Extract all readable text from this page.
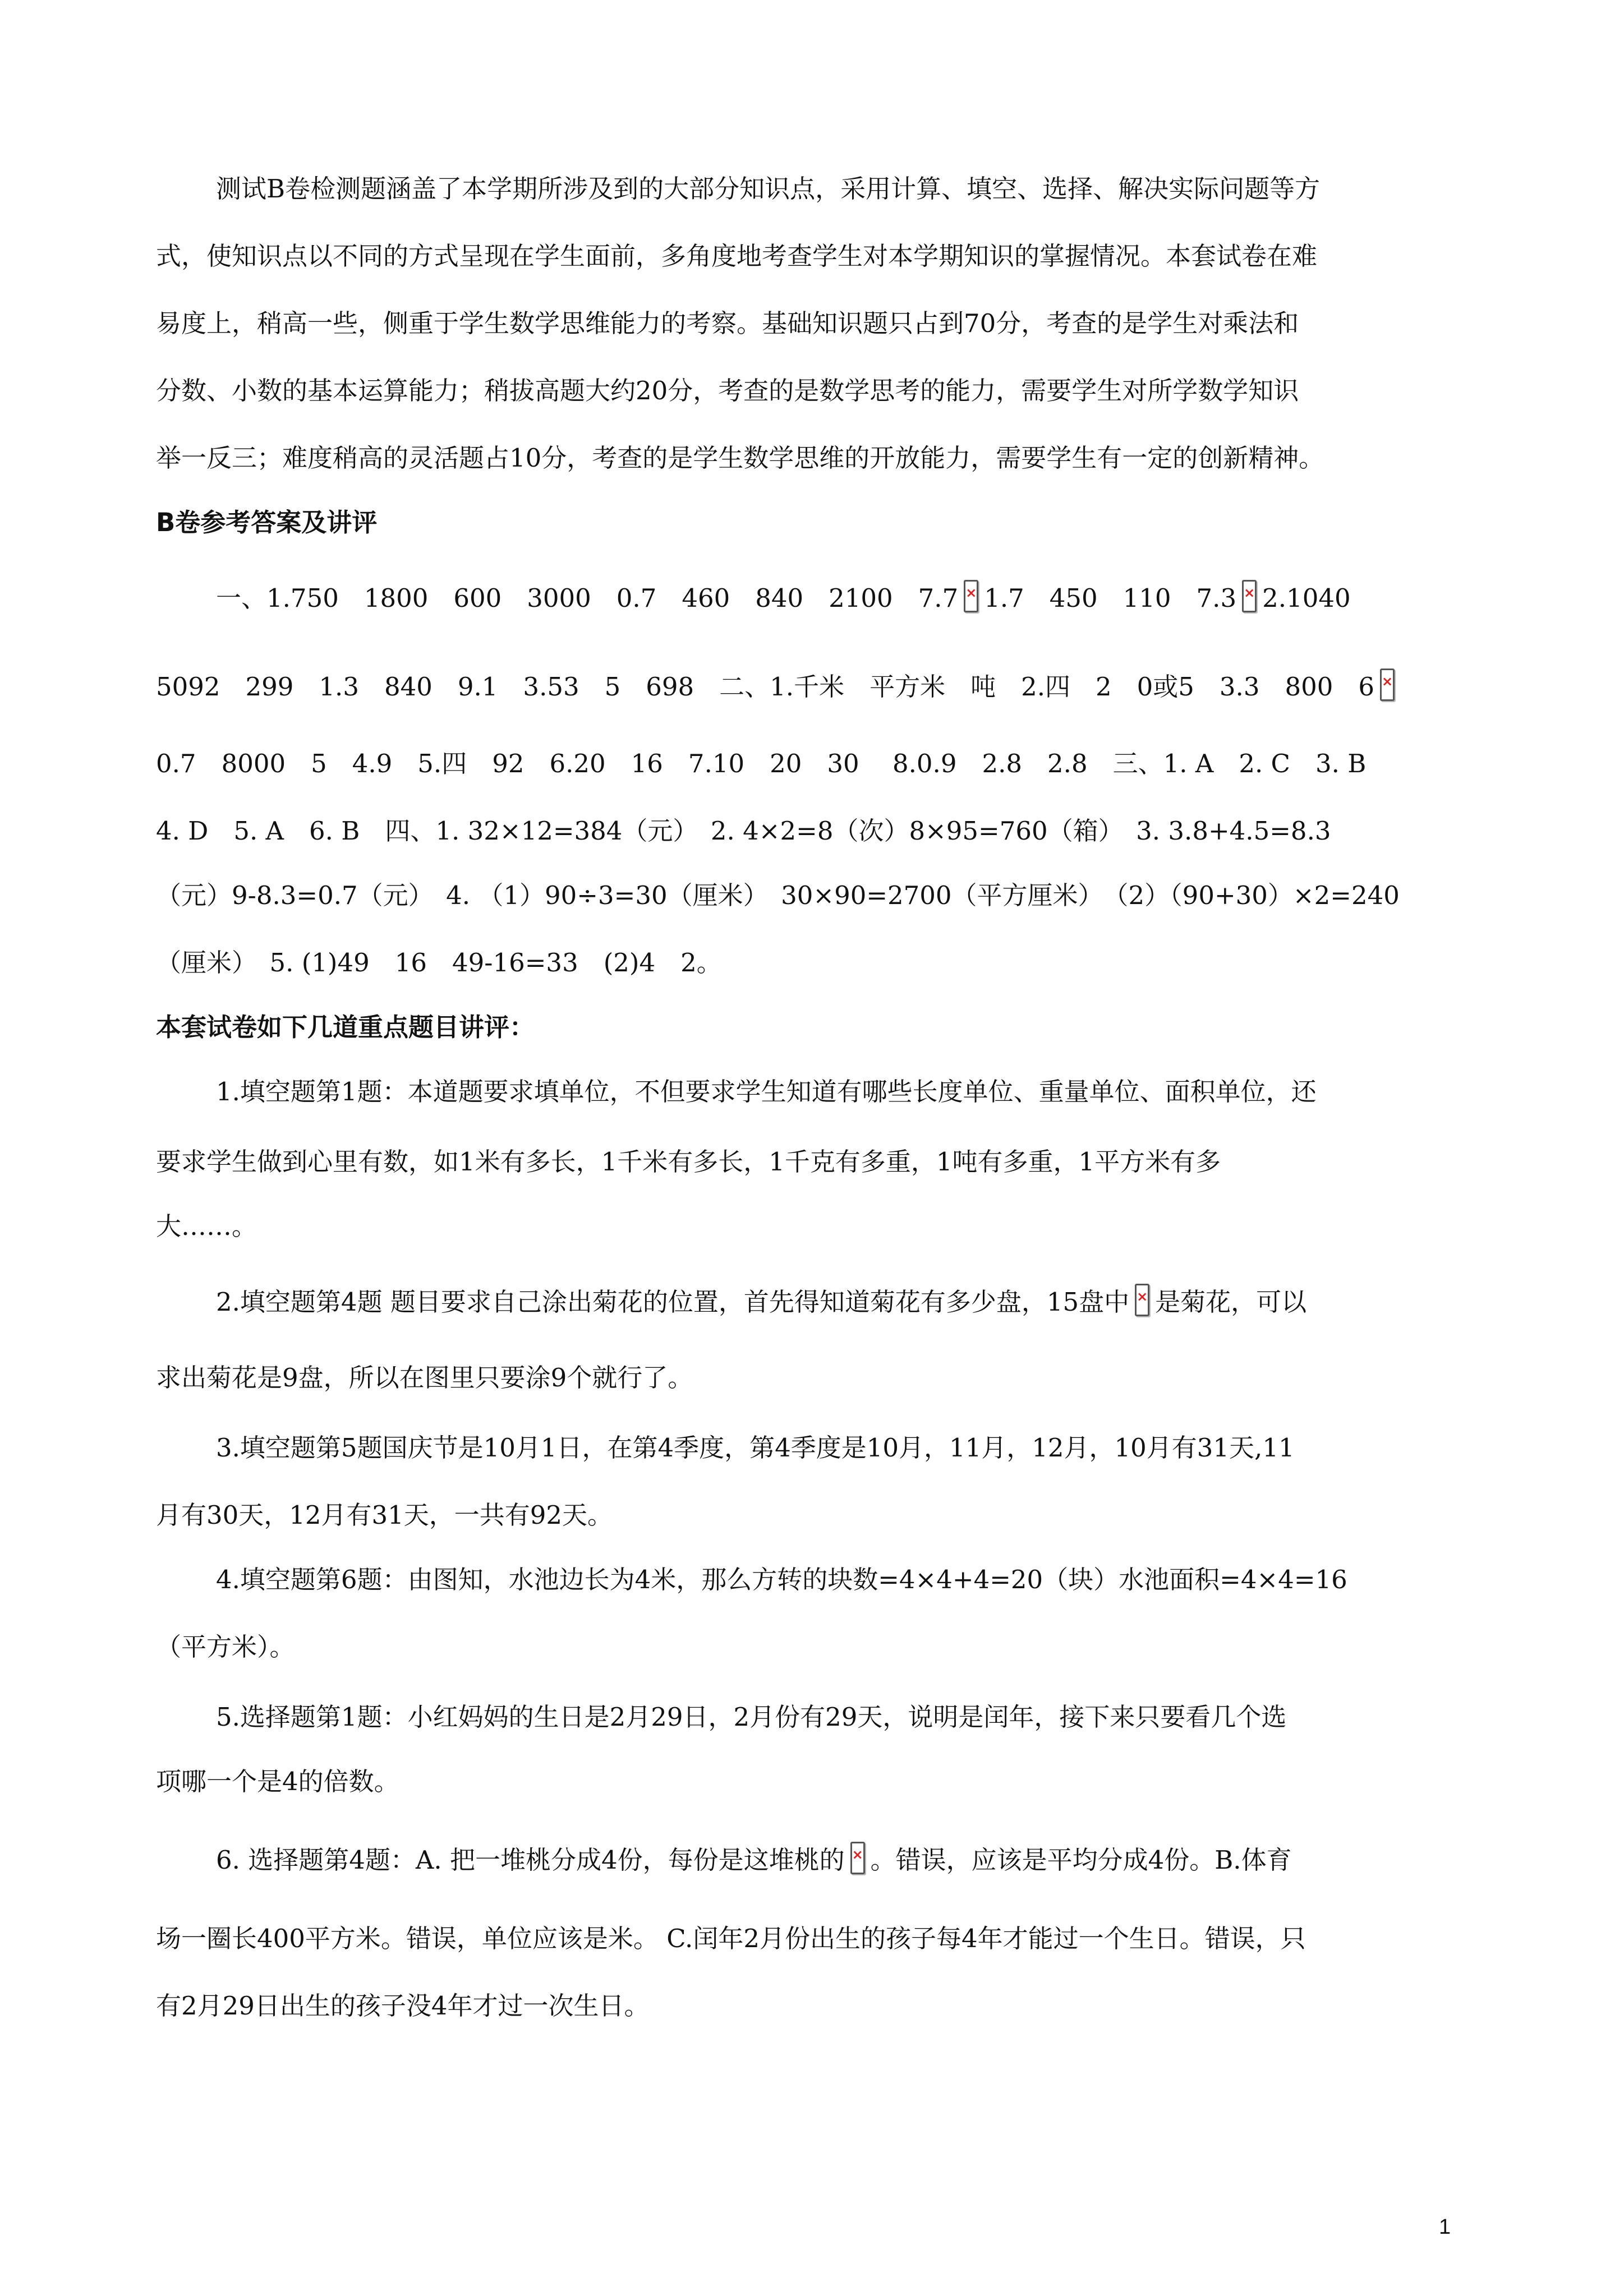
测试B卷检测题涵盖了本学期所涉及到的大部分知识点，采用计算、填空、选择、解决实际问题等方
式，使知识点以不同的方式呈现在学生面前，多角度地考查学生对本学期知识的掌握情况。本套试卷在难
易度上，稍高一些，侧重于学生数学思维能力的考察。基础知识题只占到70分，考查的是学生对乘法和
分数、小数的基本运算能力；稍拔高题大约20分，考查的是数学思考的能力，需要学生对所学数学知识
举一反三；难度稍高的灵活题占10分，考查的是学生数学思维的开放能力，需要学生有一定的创新精神。
B卷参考答案及讲评
一、1.750　1800　600　3000　0.7　460　840　2100　7.7 × 1.7　450　110　7.3 × 2.1040
5092　299　1.3　840　9.1　3.53　5　698　二、1.千米　平方米　吨　2.四　2　0或5　3.3　800　6×
0.7　8000　5　4.9　5.四　92　6.20　16　7.10　20　30　 8.0.9　2.8　2.8　三、1. A　2. C　3. B
4. D　5. A　6. B　四、1. 32×12=384（元）　2. 4×2=8（次）8×95=760（箱）　3. 3.8+4.5=8.3
（元）9-8.3=0.7（元）　4. （1）90÷3=30（厘米）　30×90=2700（平方厘米）　（2）（90+30）×2=240
（厘米）　5. (1)49　16　49-16=33　(2)4　2。
本套试卷如下几道重点题目讲评：
1.填空题第1题：本道题要求填单位，不但要求学生知道有哪些长度单位、重量单位、面积单位，还
要求学生做到心里有数，如1米有多长，1千米有多长，1千克有多重，1吨有多重，1平方米有多
大……。
2.填空题第4题 题目要求自己涂出菊花的位置，首先得知道菊花有多少盘，15盘中 × 是菊花，可以
求出菊花是9盘，所以在图里只要涂9个就行了。
3.填空题第5题国庆节是10月1日，在第4季度，第4季度是10月，11月，12月，10月有31天,11
月有30天，12月有31天，一共有92天。
4.填空题第6题：由图知，水池边长为4米，那么方转的块数=4×4+4=20（块）水池面积=4×4=16
（平方米）。
5.选择题第1题：小红妈妈的生日是2月29日，2月份有29天，说明是闰年，接下来只要看几个选
项哪一个是4的倍数。
6. 选择题第4题：A. 把一堆桃分成4份，每份是这堆桃的 × 。错误，应该是平均分成4份。B.体育
场一圈长400平方米。错误，单位应该是米。 C.闰年2月份出生的孩子每4年才能过一个生日。错误，只
有2月29日出生的孩子没4年才过一次生日。
1
